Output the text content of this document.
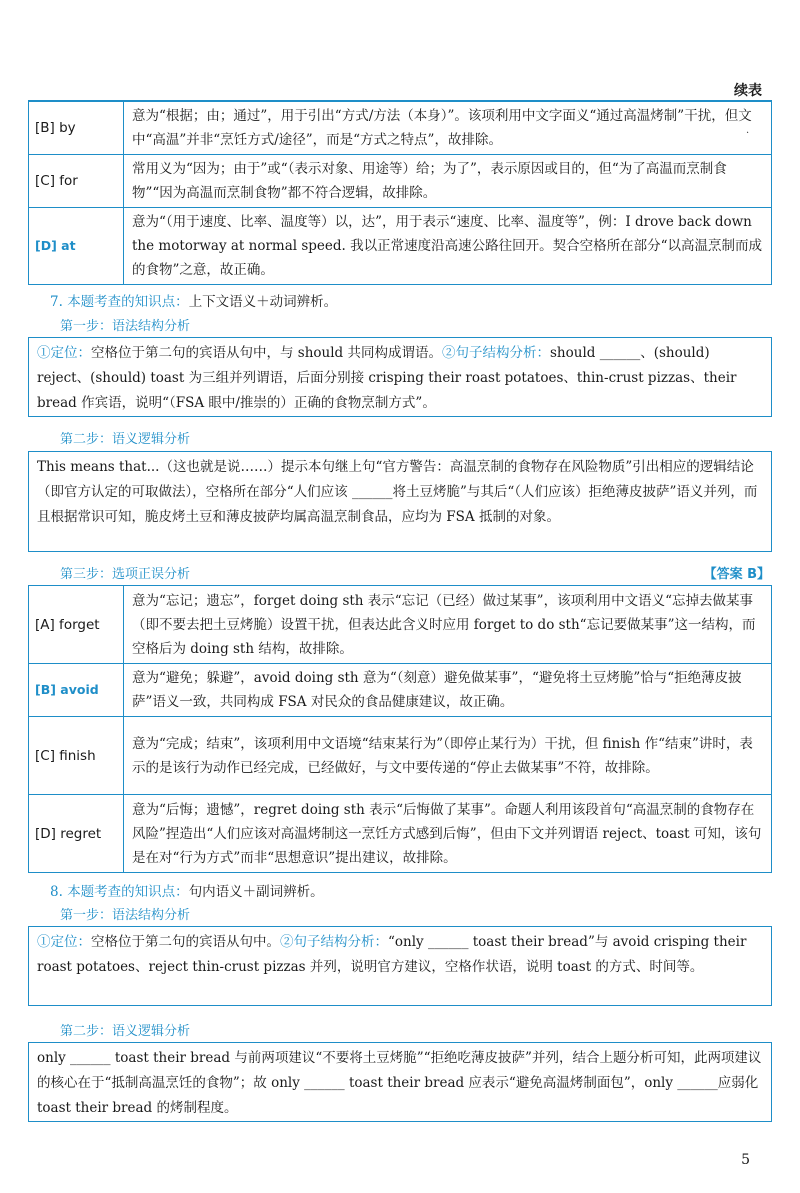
续表
·
[B] by	意为“根据；由；通过”，用于引出“方式/方法（本身）”。该项利用中文字面义“通过高温烤制”干扰，但文中“高温”并非“烹饪方式/途径”，而是“方式之特点”，故排除。
[C] for	常用义为“因为；由于”或“（表示对象、用途等）给；为了”，表示原因或目的，但“为了高温而烹制食物”“因为高温而烹制食物”都不符合逻辑，故排除。
[D] at	意为“（用于速度、比率、温度等）以，达”，用于表示“速度、比率、温度等”，例：I drove back down the motorway at normal speed. 我以正常速度沿高速公路往回开。契合空格所在部分“以高温烹制而成的食物”之意，故正确。
7. 本题考查的知识点：上下文语义＋动词辨析。
第一步：语法结构分析
①定位：空格位于第二句的宾语从句中，与 should 共同构成谓语。②句子结构分析：should ______、(should) reject、(should) toast 为三组并列谓语，后面分别接 crisping their roast potatoes、thin-crust pizzas、their bread 作宾语，说明“（FSA 眼中/推崇的）正确的食物烹制方式”。
第二步：语义逻辑分析
This means that...（这也就是说……）提示本句继上句“官方警告：高温烹制的食物存在风险物质”引出相应的逻辑结论（即官方认定的可取做法），空格所在部分“人们应该 ______将土豆烤脆”与其后“（人们应该）拒绝薄皮披萨”语义并列，而且根据常识可知，脆皮烤土豆和薄皮披萨均属高温烹制食品，应均为 FSA 抵制的对象。
第三步：选项正误分析	【答案 B】
[A] forget	意为“忘记；遗忘”，forget doing sth 表示“忘记（已经）做过某事”，该项利用中文语义“忘掉去做某事（即不要去把土豆烤脆）设置干扰，但表达此含义时应用 forget to do sth“忘记要做某事”这一结构，而空格后为 doing sth 结构，故排除。
[B] avoid	意为“避免；躲避”，avoid doing sth 意为“（刻意）避免做某事”，“避免将土豆烤脆”恰与“拒绝薄皮披萨”语义一致，共同构成 FSA 对民众的食品健康建议，故正确。
[C] finish	意为“完成；结束”，该项利用中文语境“结束某行为”（即停止某行为）干扰，但 finish 作“结束”讲时，表示的是该行为动作已经完成，已经做好，与文中要传递的“停止去做某事”不符，故排除。
[D] regret	意为“后悔；遗憾”，regret doing sth 表示“后悔做了某事”。命题人利用该段首句“高温烹制的食物存在风险”捏造出“人们应该对高温烤制这一烹饪方式感到后悔”，但由下文并列谓语 reject、toast 可知，该句是在对“行为方式”而非“思想意识”提出建议，故排除。
8. 本题考查的知识点：句内语义＋副词辨析。
第一步：语法结构分析
①定位：空格位于第二句的宾语从句中。②句子结构分析：“only ______ toast their bread”与 avoid crisping their roast potatoes、reject thin-crust pizzas 并列，说明官方建议，空格作状语，说明 toast 的方式、时间等。
第二步：语义逻辑分析
only ______ toast their bread 与前两项建议“不要将土豆烤脆”“拒绝吃薄皮披萨”并列，结合上题分析可知，此两项建议的核心在于“抵制高温烹饪的食物”；故 only ______ toast their bread 应表示“避免高温烤制面包”，only ______应弱化 toast their bread 的烤制程度。
5
